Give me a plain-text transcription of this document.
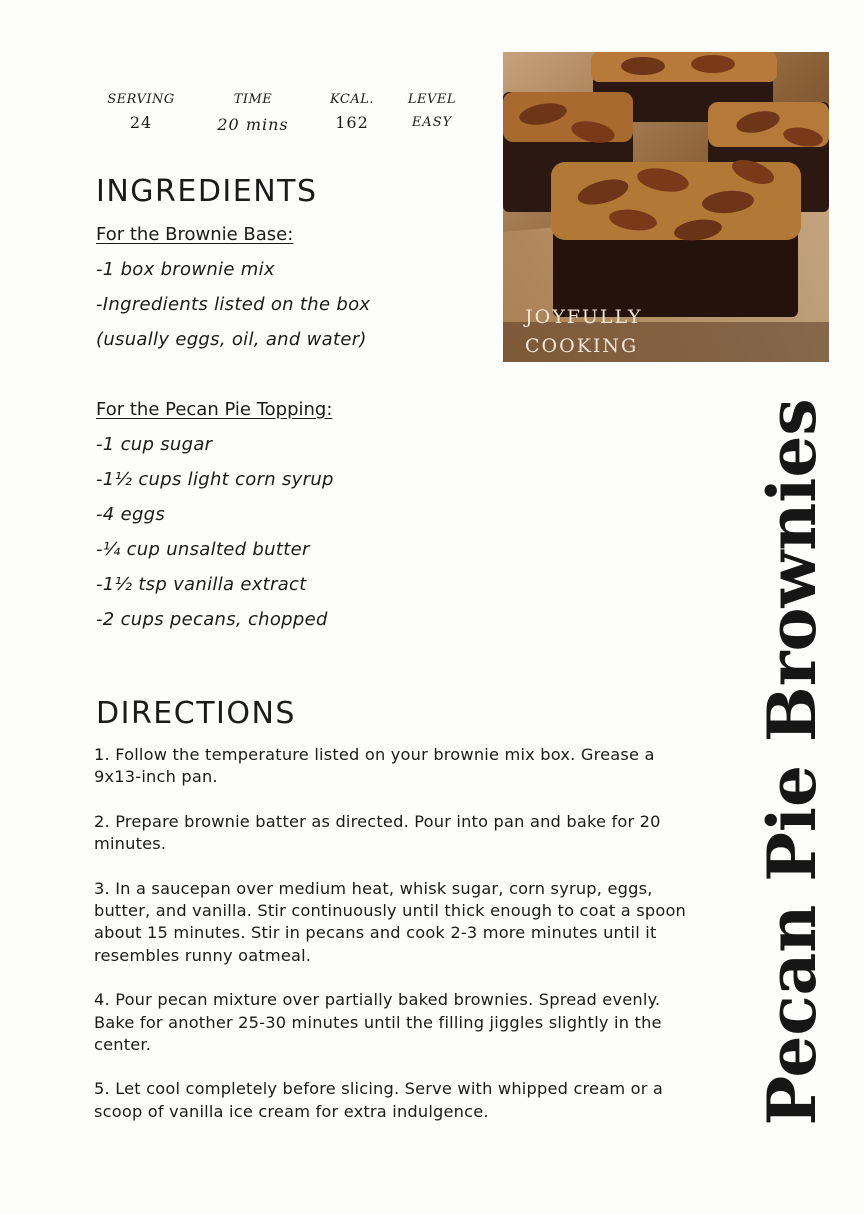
SERVING
24
TIME
20 mins
KCAL.
162
LEVEL
EASY
INGREDIENTS
For the Brownie Base:
-1 box brownie mix
-Ingredients listed on the box
(usually eggs, oil, and water)
For the Pecan Pie Topping:
-1 cup sugar
-1½ cups light corn syrup
-4 eggs
-¼ cup unsalted butter
-1½ tsp vanilla extract
-2 cups pecans, chopped
DIRECTIONS

1. Follow the temperature listed on your brownie mix box. Grease a 9x13-inch pan.

2. Prepare brownie batter as directed. Pour into pan and bake for 20 minutes.

3. In a saucepan over medium heat, whisk sugar, corn syrup, eggs, butter, and vanilla. Stir continuously until thick enough to coat a spoon about 15 minutes. Stir in pecans and cook 2-3 more minutes until it resembles runny oatmeal.

4. Pour pecan mixture over partially baked brownies. Spread evenly. Bake for another 25-30 minutes until the filling jiggles slightly in the center.

5. Let cool completely before slicing. Serve with whipped cream or a scoop of vanilla ice cream for extra indulgence.

JOYFULLY
COOKING
Pecan Pie Brownies
